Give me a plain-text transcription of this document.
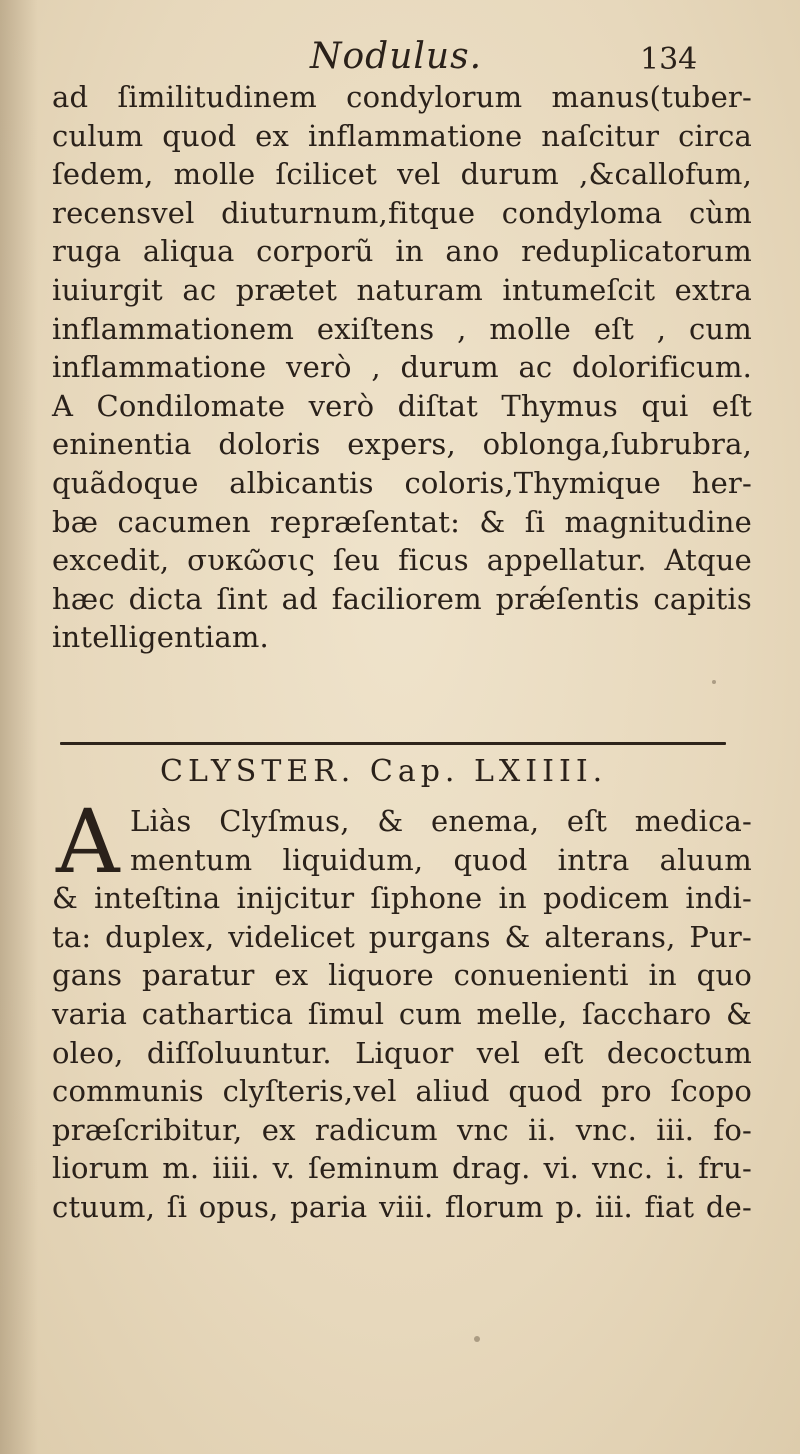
Nodulus.	134
ad ſimilitudinem condylorum manus(tuber-
culum quod ex inflammatione naſcitur circa
ſedem, molle ſcilicet vel durum ,&callofum,
recensvel diuturnum,fitque condyloma cùm
ruga aliqua corporũ in ano reduplicatorum
iuiurgit ac prætet naturam intumeſcit extra
inflammationem exiſtens , molle eſt , cum
inflammatione verò , durum ac dolorificum.
A Condilomate verò diſtat Thymus qui eſt
eninentia doloris expers, oblonga,ſubrubra,
quãdoque albicantis coloris,Thymique her-
bæ cacumen repræſentat: & ſi magnitudine
excedit, συκῶσις ſeu ficus appellatur. Atque
hæc dicta ſint ad faciliorem prǽſentis capitis
intelligentiam.
CLYSTER. Cap. LXIIII.
A Liàs Clyſmus, & enema, eſt medica-
mentum liquidum, quod intra aluum
& inteſtina inijcitur ſiphone in podicem indi-
ta: duplex, videlicet purgans & alterans, Pur-
gans paratur ex liquore conuenienti in quo
varia cathartica ſimul cum melle, ſaccharo &
oleo, diſſoluuntur. Liquor vel eſt decoctum
communis clyſteris,vel aliud quod pro ſcopo
præſcribitur, ex radicum vnc ii. vnc. iii. fo-
liorum m. iiii. v. ſeminum drag. vi. vnc. i. fru-
ctuum, ſi opus, paria viii. florum p. iii. fiat de-
